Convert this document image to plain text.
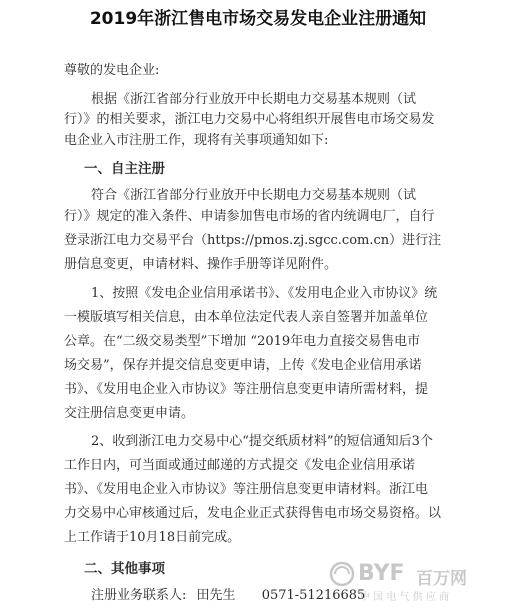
2019年浙江售电市场交易发电企业注册通知
尊敬的发电企业:
根据《浙江省部分行业放开中长期电力交易基本规则（试
行）》的相关要求，浙江电力交易中心将组织开展售电市场交易发
电企业入市注册工作，现将有关事项通知如下:
一、自主注册
符合《浙江省部分行业放开中长期电力交易基本规则（试
行）》规定的准入条件、申请参加售电市场的省内统调电厂，自行
登录浙江电力交易平台（https://pmos.zj.sgcc.com.cn）进行注
册信息变更，申请材料、操作手册等详见附件。
1、按照《发电企业信用承诺书》、《发用电企业入市协议》统
一模版填写相关信息，由本单位法定代表人亲自签署并加盖单位
公章。在“二级交易类型”下增加 “2019年电力直接交易售电市
场交易”，保存并提交信息变更申请，上传《发电企业信用承诺
书》、《发用电企业入市协议》等注册信息变更申请所需材料，提
交注册信息变更申请。
2、收到浙江电力交易中心“提交纸质材料”的短信通知后3个
工作日内，可当面或通过邮递的方式提交《发电企业信用承诺
书》、《发用电企业入市协议》等注册信息变更申请材料。浙江电
力交易中心审核通过后，发电企业正式获得售电市场交易资格。以
上工作请于10月18日前完成。
二、其他事项
注册业务联系人: 田先生 0571-51216685
BYF 百万网
中 国 电 气 供 应 商
